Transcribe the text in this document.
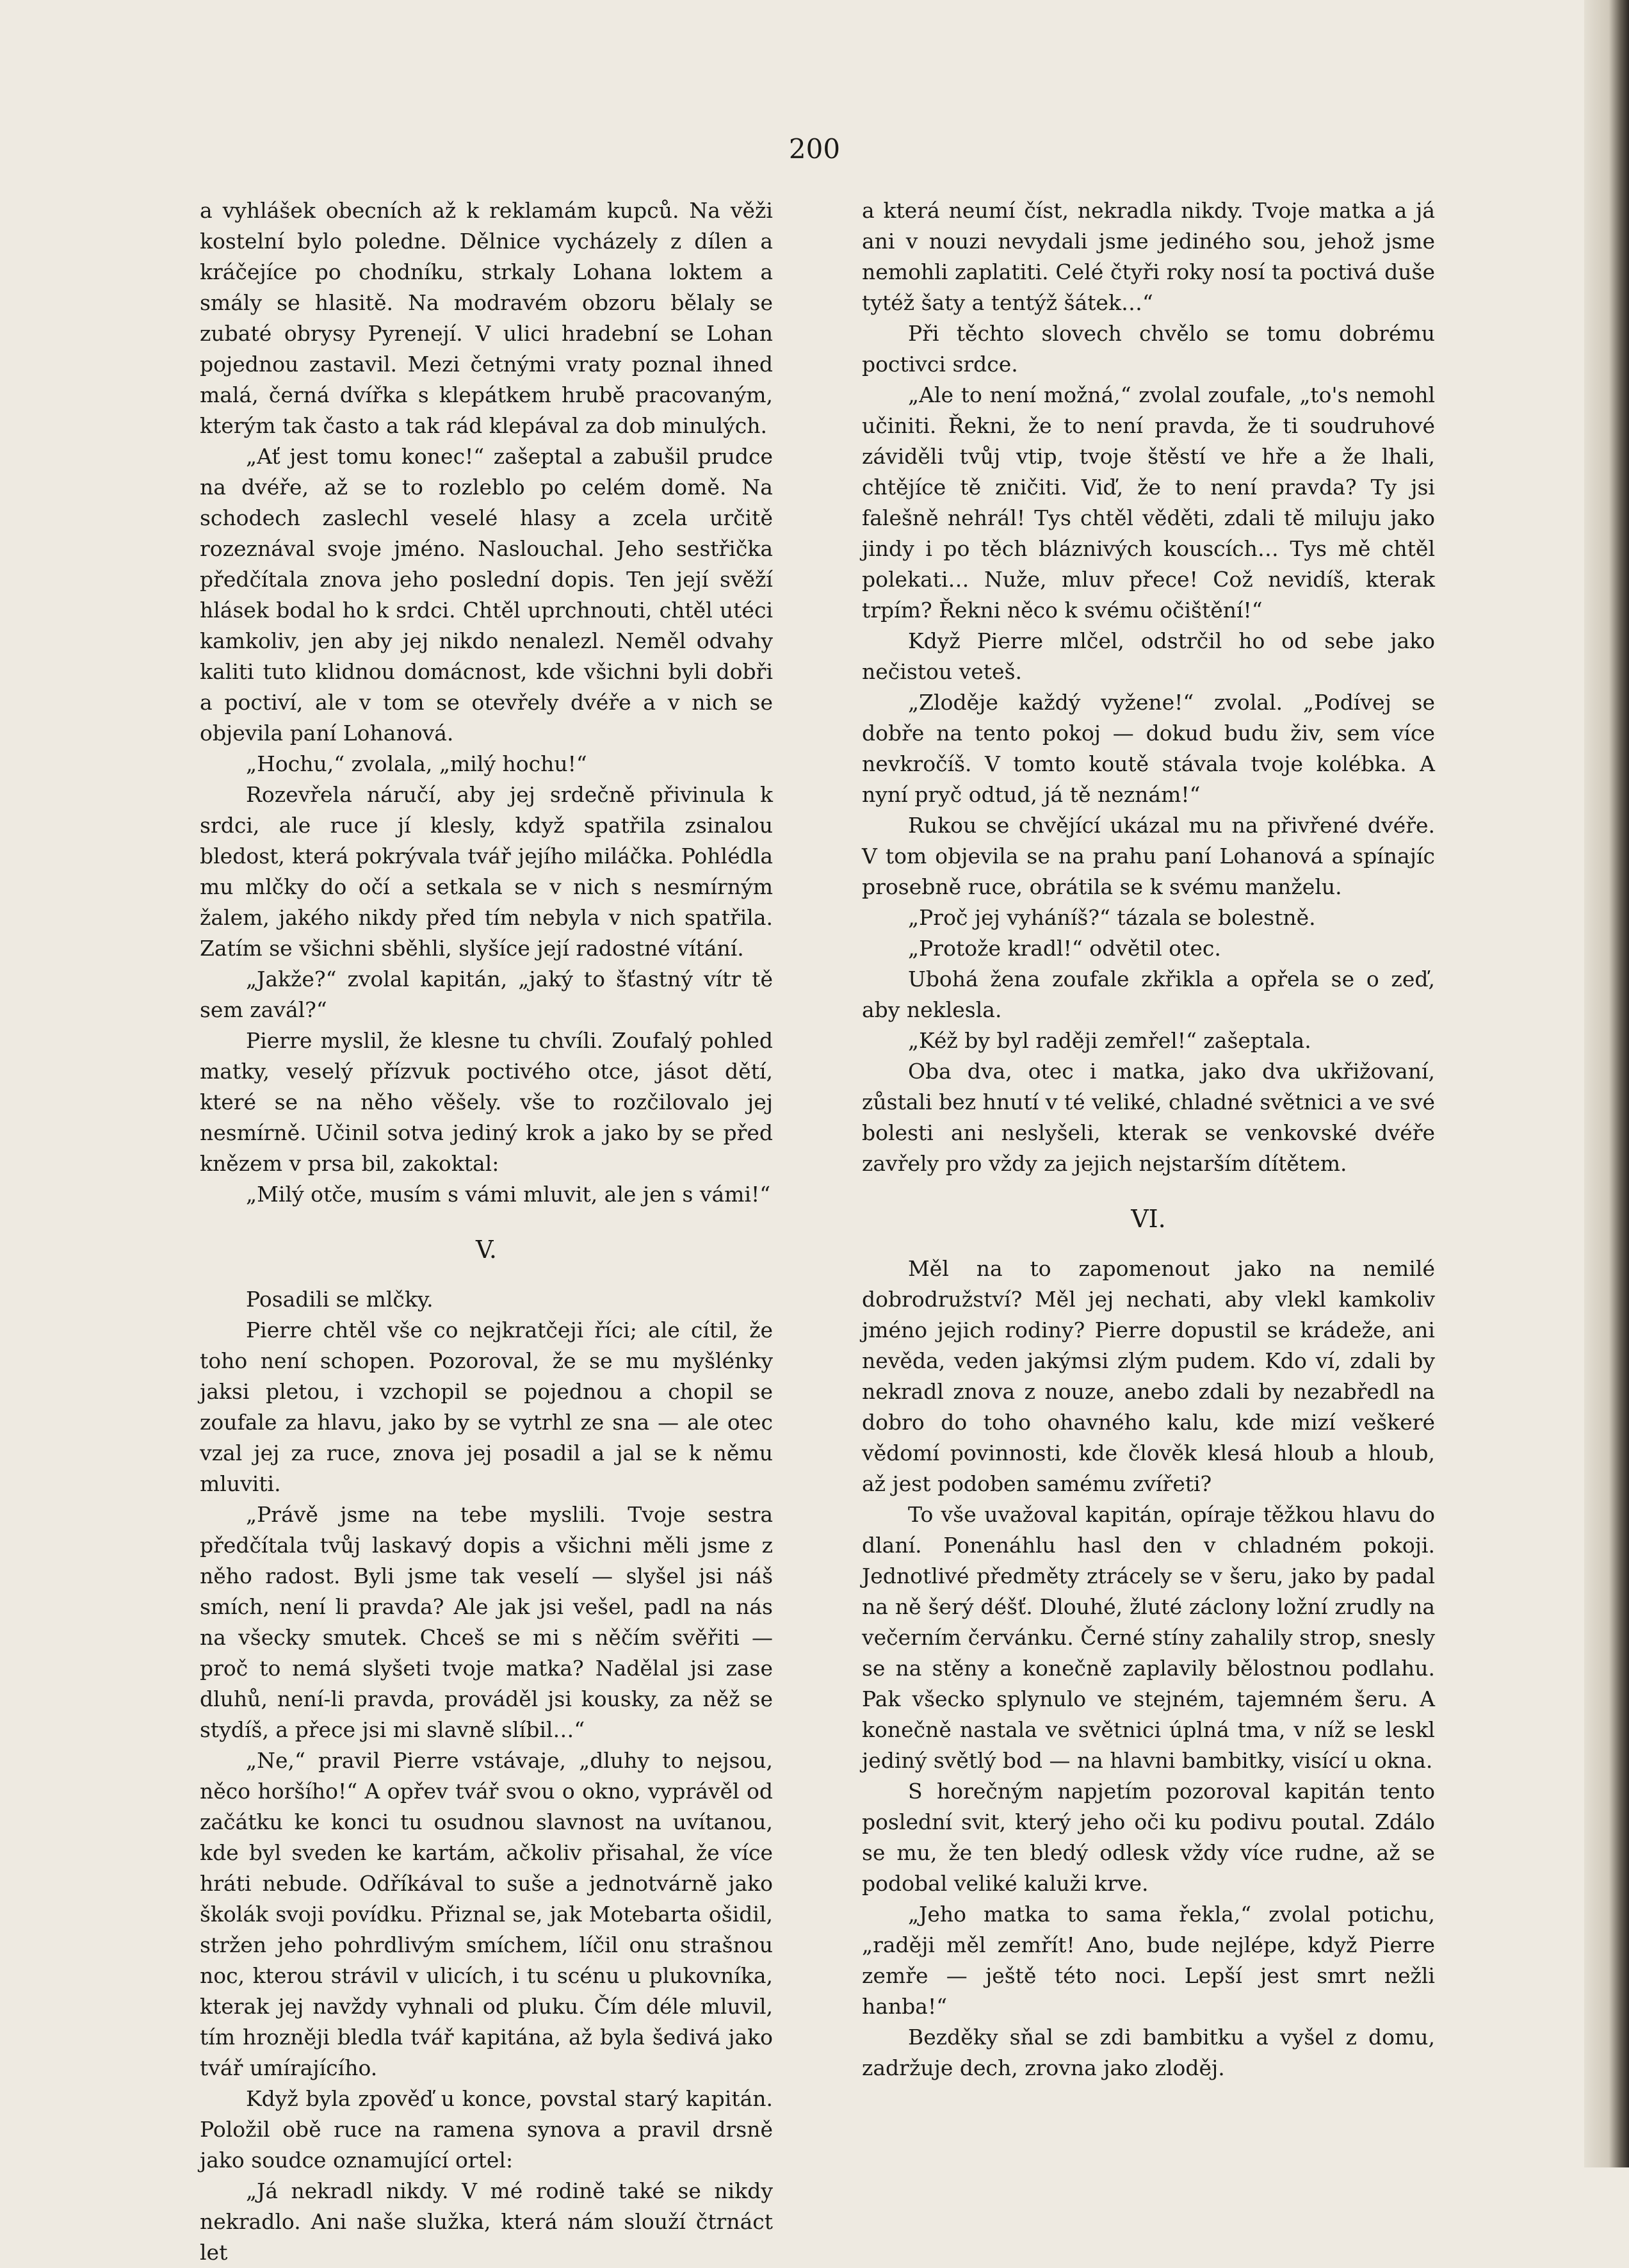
200

a vyhlášek obecních až k reklamám kupců. Na věži kostelní bylo poledne. Dělnice vycházely z dílen a kráčejíce po chodníku, strkaly Lohana loktem a smály se hlasitě. Na modravém obzoru bělaly se zubaté obrysy Pyrenejí. V ulici hradební se Lohan pojednou zastavil. Mezi četnými vraty poznal ihned malá, černá dvířka s klepátkem hrubě pracovaným, kterým tak často a tak rád klepával za dob minulých.

„Ať jest tomu konec!“ zašeptal a zabušil prudce na dvéře, až se to rozleblo po celém domě. Na schodech zaslechl veselé hlasy a zcela určitě rozeznával svoje jméno. Naslouchal. Jeho sestřička předčítala znova jeho poslední dopis. Ten její svěží hlásek bodal ho k srdci. Chtěl uprchnouti, chtěl utéci kamkoliv, jen aby jej nikdo nenalezl. Neměl odvahy kaliti tuto klidnou domácnost, kde všichni byli dobři a poctiví, ale v tom se otevřely dvéře a v nich se objevila paní Lohanová.

„Hochu,“ zvolala, „milý hochu!“

Rozevřela náručí, aby jej srdečně přivinula k srdci, ale ruce jí klesly, když spatřila zsinalou bledost, která pokrývala tvář jejího miláčka. Pohlédla mu mlčky do očí a setkala se v nich s nesmírným žalem, jakého nikdy před tím nebyla v nich spatřila. Zatím se všichni sběhli, slyšíce její radostné vítání.

„Jakže?“ zvolal kapitán, „jaký to šťastný vítr tě sem zavál?“

Pierre myslil, že klesne tu chvíli. Zoufalý pohled matky, veselý přízvuk poctivého otce, jásot dětí, které se na něho věšely. vše to rozčilovalo jej nesmírně. Učinil sotva jediný krok a jako by se před knězem v prsa bil, zakoktal:

„Milý otče, musím s vámi mluvit, ale jen s vámi!“

V.

Posadili se mlčky.

Pierre chtěl vše co nejkratčeji říci; ale cítil, že toho není schopen. Pozoroval, že se mu myšlénky jaksi pletou, i vzchopil se pojednou a chopil se zoufale za hlavu, jako by se vytrhl ze sna — ale otec vzal jej za ruce, znova jej posadil a jal se k němu mluviti.

„Právě jsme na tebe myslili. Tvoje sestra předčítala tvůj laskavý dopis a všichni měli jsme z něho radost. Byli jsme tak veselí — slyšel jsi náš smích, není li pravda? Ale jak jsi vešel, padl na nás na všecky smutek. Chceš se mi s něčím svěřiti — proč to nemá slyšeti tvoje matka? Nadělal jsi zase dluhů, není-li pravda, prováděl jsi kousky, za něž se stydíš, a přece jsi mi slavně slíbil…“

„Ne,“ pravil Pierre vstávaje, „dluhy to nejsou, něco horšího!“ A opřev tvář svou o okno, vyprávěl od začátku ke konci tu osudnou slavnost na uvítanou, kde byl sveden ke kartám, ačkoliv přisahal, že více hráti nebude. Odříkával to suše a jednotvárně jako školák svoji povídku. Přiznal se, jak Motebarta ošidil, stržen jeho pohrdlivým smíchem, líčil onu strašnou noc, kterou strávil v ulicích, i tu scénu u plukovníka, kterak jej navždy vyhnali od pluku. Čím déle mluvil, tím hrozněji bledla tvář kapitána, až byla šedivá jako tvář umírajícího.

Když byla zpověď u konce, povstal starý kapitán. Položil obě ruce na ramena synova a pravil drsně jako soudce oznamující ortel:

„Já nekradl nikdy. V mé rodině také se nikdy nekradlo. Ani naše služka, která nám slouží čtrnáct let

a která neumí číst, nekradla nikdy. Tvoje matka a já ani v nouzi nevydali jsme jediného sou, jehož jsme nemohli zaplatiti. Celé čtyři roky nosí ta poctivá duše tytéž šaty a tentýž šátek…“

Při těchto slovech chvělo se tomu dobrému poctivci srdce.

„Ale to není možná,“ zvolal zoufale, „to's nemohl učiniti. Řekni, že to není pravda, že ti soudruhové záviděli tvůj vtip, tvoje štěstí ve hře a že lhali, chtějíce tě zničiti. Viď, že to není pravda? Ty jsi falešně nehrál! Tys chtěl věděti, zdali tě miluju jako jindy i po těch bláznivých kouscích… Tys mě chtěl polekati… Nuže, mluv přece! Což nevidíš, kterak trpím? Řekni něco k svému očištění!“

Když Pierre mlčel, odstrčil ho od sebe jako nečistou veteš.

„Zloděje každý vyžene!“ zvolal. „Podívej se dobře na tento pokoj — dokud budu živ, sem více nevkročíš. V tomto koutě stávala tvoje kolébka. A nyní pryč odtud, já tě neznám!“

Rukou se chvějící ukázal mu na přivřené dvéře. V tom objevila se na prahu paní Lohanová a spínajíc prosebně ruce, obrátila se k svému manželu.

„Proč jej vyháníš?“ tázala se bolestně.

„Protože kradl!“ odvětil otec.

Ubohá žena zoufale zkřikla a opřela se o zeď, aby neklesla.

„Kéž by byl raději zemřel!“ zašeptala.

Oba dva, otec i matka, jako dva ukřižovaní, zůstali bez hnutí v té veliké, chladné světnici a ve své bolesti ani neslyšeli, kterak se venkovské dvéře zavřely pro vždy za jejich nejstarším dítětem.

VI.

Měl na to zapomenout jako na nemilé dobrodružství? Měl jej nechati, aby vlekl kamkoliv jméno jejich rodiny? Pierre dopustil se krádeže, ani nevěda, veden jakýmsi zlým pudem. Kdo ví, zdali by nekradl znova z nouze, anebo zdali by nezabředl na dobro do toho ohavného kalu, kde mizí veškeré vědomí povinnosti, kde člověk klesá hloub a hloub, až jest podoben samému zvířeti?

To vše uvažoval kapitán, opíraje těžkou hlavu do dlaní. Ponenáhlu hasl den v chladném pokoji. Jednotlivé předměty ztrácely se v šeru, jako by padal na ně šerý déšť. Dlouhé, žluté záclony ložní zrudly na večerním červánku. Černé stíny zahalily strop, snesly se na stěny a konečně zaplavily bělostnou podlahu. Pak všecko splynulo ve stejném, tajemném šeru. A konečně nastala ve světnici úplná tma, v níž se leskl jediný světlý bod — na hlavni bambitky, visící u okna.

S horečným napjetím pozoroval kapitán tento poslední svit, který jeho oči ku podivu poutal. Zdálo se mu, že ten bledý odlesk vždy více rudne, až se podobal veliké kaluži krve.

„Jeho matka to sama řekla,“ zvolal potichu, „raději měl zemřít! Ano, bude nejlépe, když Pierre zemře — ještě této noci. Lepší jest smrt nežli hanba!“

Bezděky sňal se zdi bambitku a vyšel z domu, zadržuje dech, zrovna jako zloděj.
